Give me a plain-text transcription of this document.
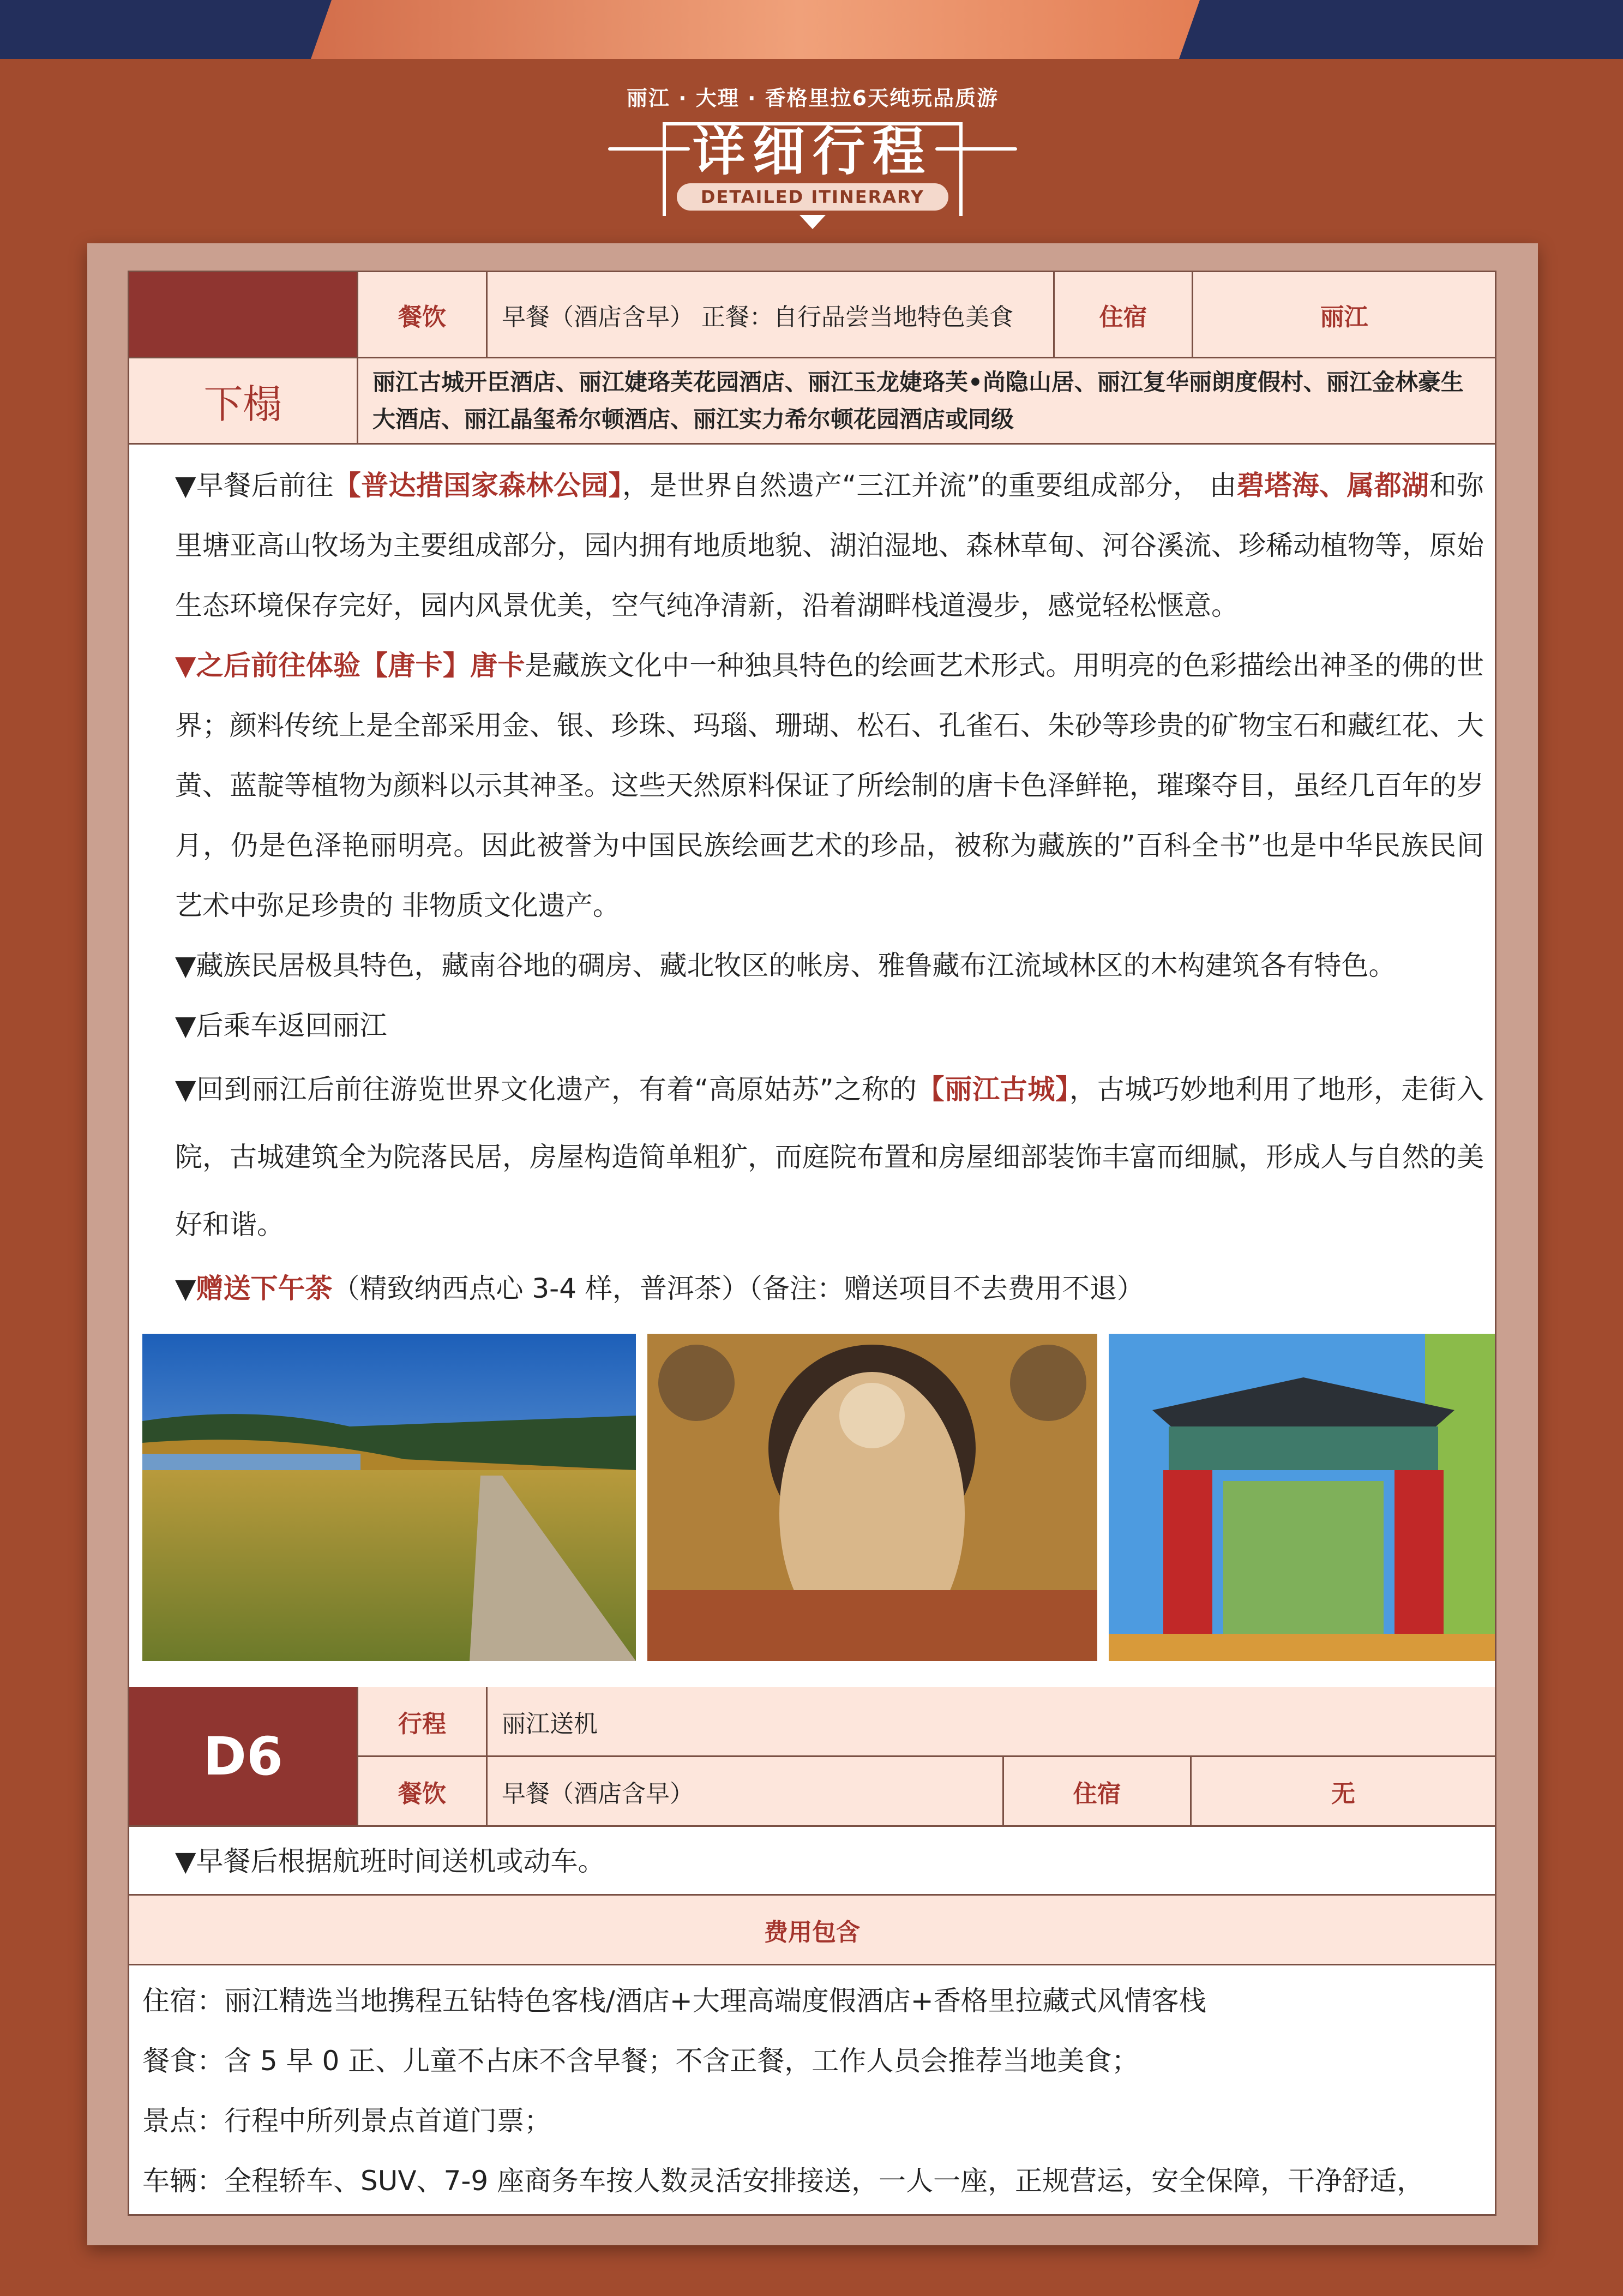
丽江 · 大理 · 香格里拉6天纯玩品质游
详细行程
DETAILED ITINERARY
餐饮	早餐（酒店含早） 正餐：自行品尝当地特色美食	住宿	丽江
下榻	丽江古城开臣酒店、丽江婕珞芙花园酒店、丽江玉龙婕珞芙•尚隐山居、丽江复华丽朗度假村、丽江金林豪生大酒店、丽江晶玺希尔顿酒店、丽江实力希尔顿花园酒店或同级

▼早餐后前往【普达措国家森林公园】，是世界自然遗产“三江并流”的重要组成部分， 由碧塔海、属都湖和弥里塘亚高山牧场为主要组成部分，园内拥有地质地貌、湖泊湿地、森林草甸、河谷溪流、珍稀动植物等，原始生态环境保存完好，园内风景优美，空气纯净清新，沿着湖畔栈道漫步，感觉轻松惬意。

▼之后前往体验【唐卡】唐卡是藏族文化中一种独具特色的绘画艺术形式。用明亮的色彩描绘出神圣的佛的世界；颜料传统上是全部采用金、银、珍珠、玛瑙、珊瑚、松石、孔雀石、朱砂等珍贵的矿物宝石和藏红花、大黄、蓝靛等植物为颜料以示其神圣。这些天然原料保证了所绘制的唐卡色泽鲜艳，璀璨夺目，虽经几百年的岁月，仍是色泽艳丽明亮。因此被誉为中国民族绘画艺术的珍品，被称为藏族的”百科全书”也是中华民族民间艺术中弥足珍贵的 非物质文化遗产。

▼藏族民居极具特色，藏南谷地的碉房、藏北牧区的帐房、雅鲁藏布江流域林区的木构建筑各有特色。

▼后乘车返回丽江

▼回到丽江后前往游览世界文化遗产，有着“高原姑苏”之称的【丽江古城】，古城巧妙地利用了地形，走街入院，古城建筑全为院落民居，房屋构造简单粗犷，而庭院布置和房屋细部装饰丰富而细腻，形成人与自然的美好和谐。

▼赠送下午茶（精致纳西点心 3-4 样，普洱茶）（备注：赠送项目不去费用不退）

D6
行程	丽江送机
餐饮	早餐（酒店含早）	住宿	无
▼早餐后根据航班时间送机或动车。
费用包含

住宿：丽江精选当地携程五钻特色客栈/酒店+大理高端度假酒店+香格里拉藏式风情客栈

餐食：含 5 早 0 正、儿童不占床不含早餐；不含正餐，工作人员会推荐当地美食；

景点：行程中所列景点首道门票；

车辆：全程轿车、SUV、7-9 座商务车按人数灵活安排接送，一人一座，正规营运，安全保障，干净舒适，
